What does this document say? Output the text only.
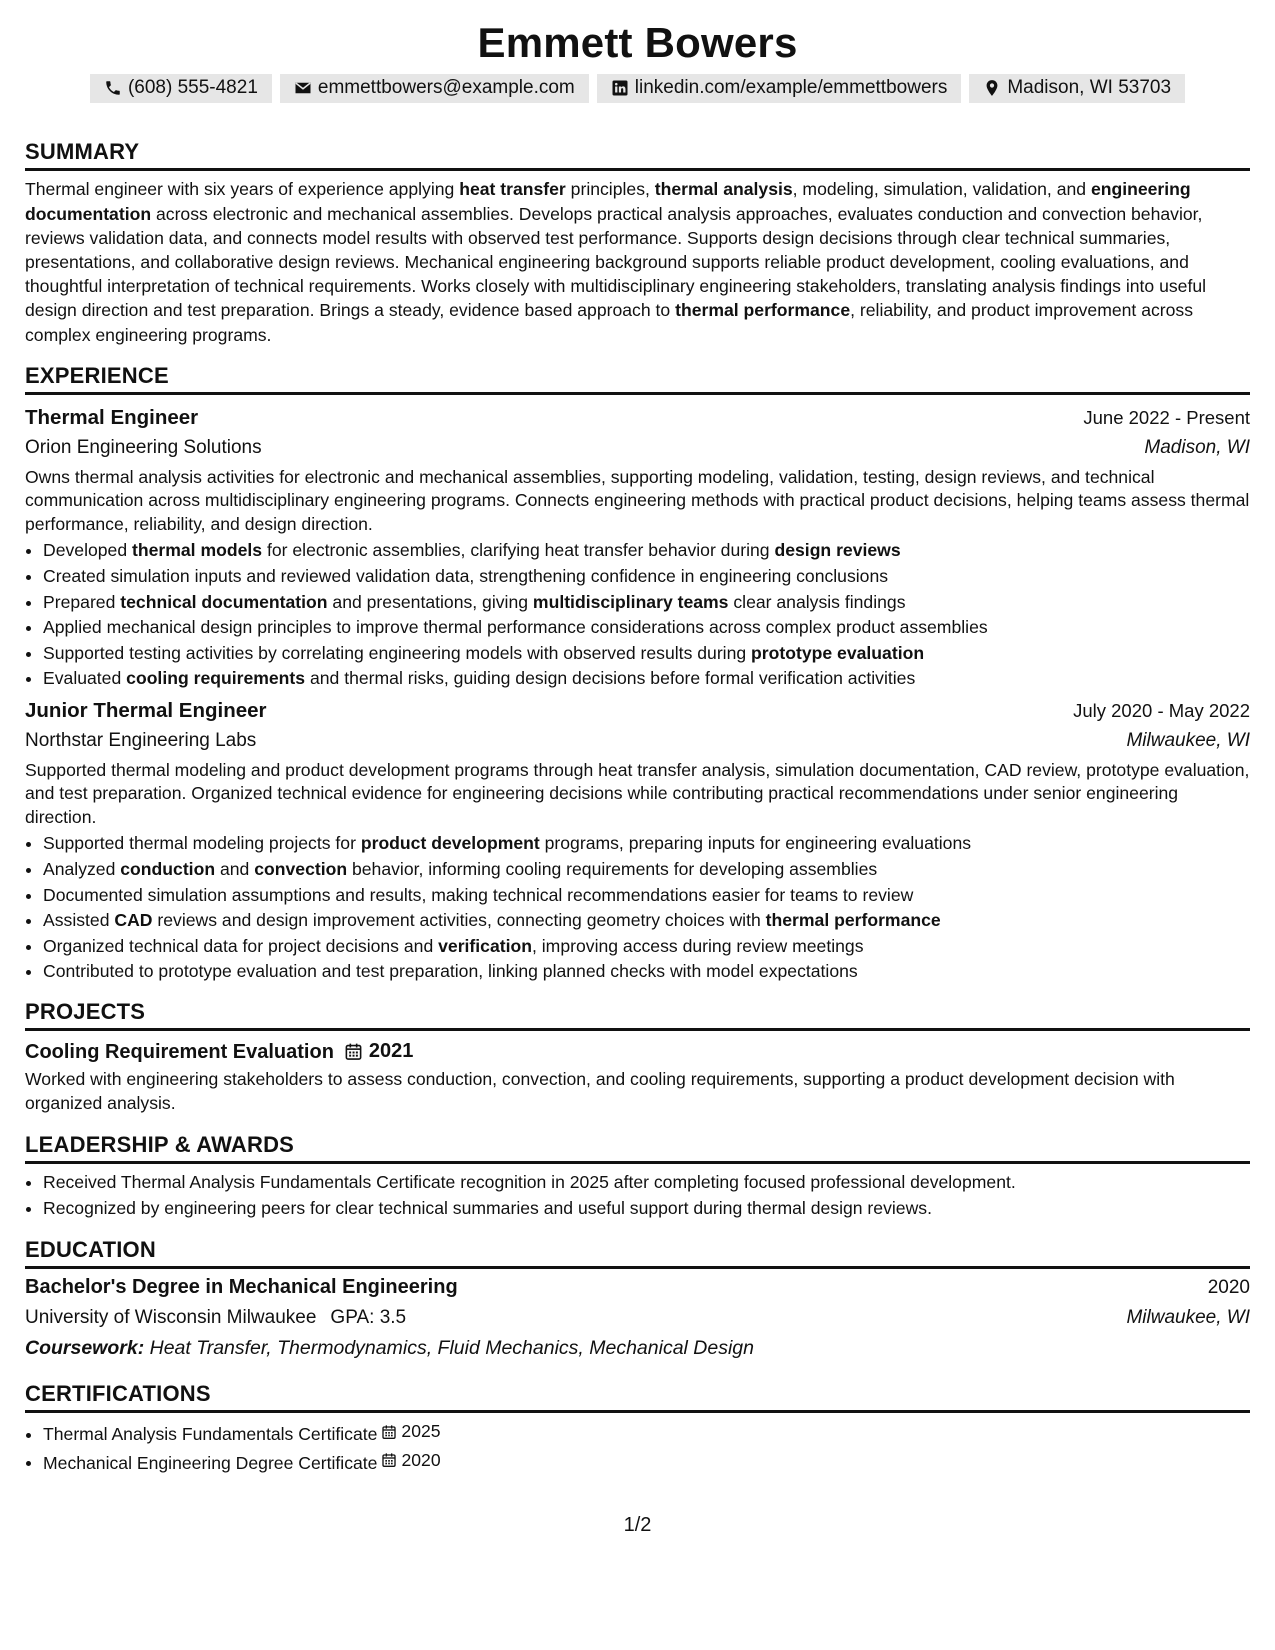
Emmett Bowers
(608) 555-4821	emmettbowers@example.com	linkedin.com/example/emmettbowers	Madison, WI 53703
SUMMARY
Thermal engineer with six years of experience applying heat transfer principles, thermal analysis, modeling, simulation, validation, and engineering documentation across electronic and mechanical assemblies. Develops practical analysis approaches, evaluates conduction and convection behavior, reviews validation data, and connects model results with observed test performance. Supports design decisions through clear technical summaries, presentations, and collaborative design reviews. Mechanical engineering background supports reliable product development, cooling evaluations, and thoughtful interpretation of technical requirements. Works closely with multidisciplinary engineering stakeholders, translating analysis findings into useful design direction and test preparation. Brings a steady, evidence based approach to thermal performance, reliability, and product improvement across complex engineering programs.
EXPERIENCE
Thermal Engineer	June 2022 - Present
Orion Engineering Solutions	Madison, WI
Owns thermal analysis activities for electronic and mechanical assemblies, supporting modeling, validation, testing, design reviews, and technical communication across multidisciplinary engineering programs. Connects engineering methods with practical product decisions, helping teams assess thermal performance, reliability, and design direction.
• Developed thermal models for electronic assemblies, clarifying heat transfer behavior during design reviews
• Created simulation inputs and reviewed validation data, strengthening confidence in engineering conclusions
• Prepared technical documentation and presentations, giving multidisciplinary teams clear analysis findings
• Applied mechanical design principles to improve thermal performance considerations across complex product assemblies
• Supported testing activities by correlating engineering models with observed results during prototype evaluation
• Evaluated cooling requirements and thermal risks, guiding design decisions before formal verification activities
Junior Thermal Engineer	July 2020 - May 2022
Northstar Engineering Labs	Milwaukee, WI
Supported thermal modeling and product development programs through heat transfer analysis, simulation documentation, CAD review, prototype evaluation, and test preparation. Organized technical evidence for engineering decisions while contributing practical recommendations under senior engineering direction.
• Supported thermal modeling projects for product development programs, preparing inputs for engineering evaluations
• Analyzed conduction and convection behavior, informing cooling requirements for developing assemblies
• Documented simulation assumptions and results, making technical recommendations easier for teams to review
• Assisted CAD reviews and design improvement activities, connecting geometry choices with thermal performance
• Organized technical data for project decisions and verification, improving access during review meetings
• Contributed to prototype evaluation and test preparation, linking planned checks with model expectations
PROJECTS
Cooling Requirement Evaluation 2021
Worked with engineering stakeholders to assess conduction, convection, and cooling requirements, supporting a product development decision with organized analysis.
LEADERSHIP & AWARDS
• Received Thermal Analysis Fundamentals Certificate recognition in 2025 after completing focused professional development.
• Recognized by engineering peers for clear technical summaries and useful support during thermal design reviews.
EDUCATION
Bachelor's Degree in Mechanical Engineering	2020
University of Wisconsin Milwaukee GPA: 3.5	Milwaukee, WI
Coursework: Heat Transfer, Thermodynamics, Fluid Mechanics, Mechanical Design
CERTIFICATIONS
• Thermal Analysis Fundamentals Certificate 2025
• Mechanical Engineering Degree Certificate 2020
1/2
